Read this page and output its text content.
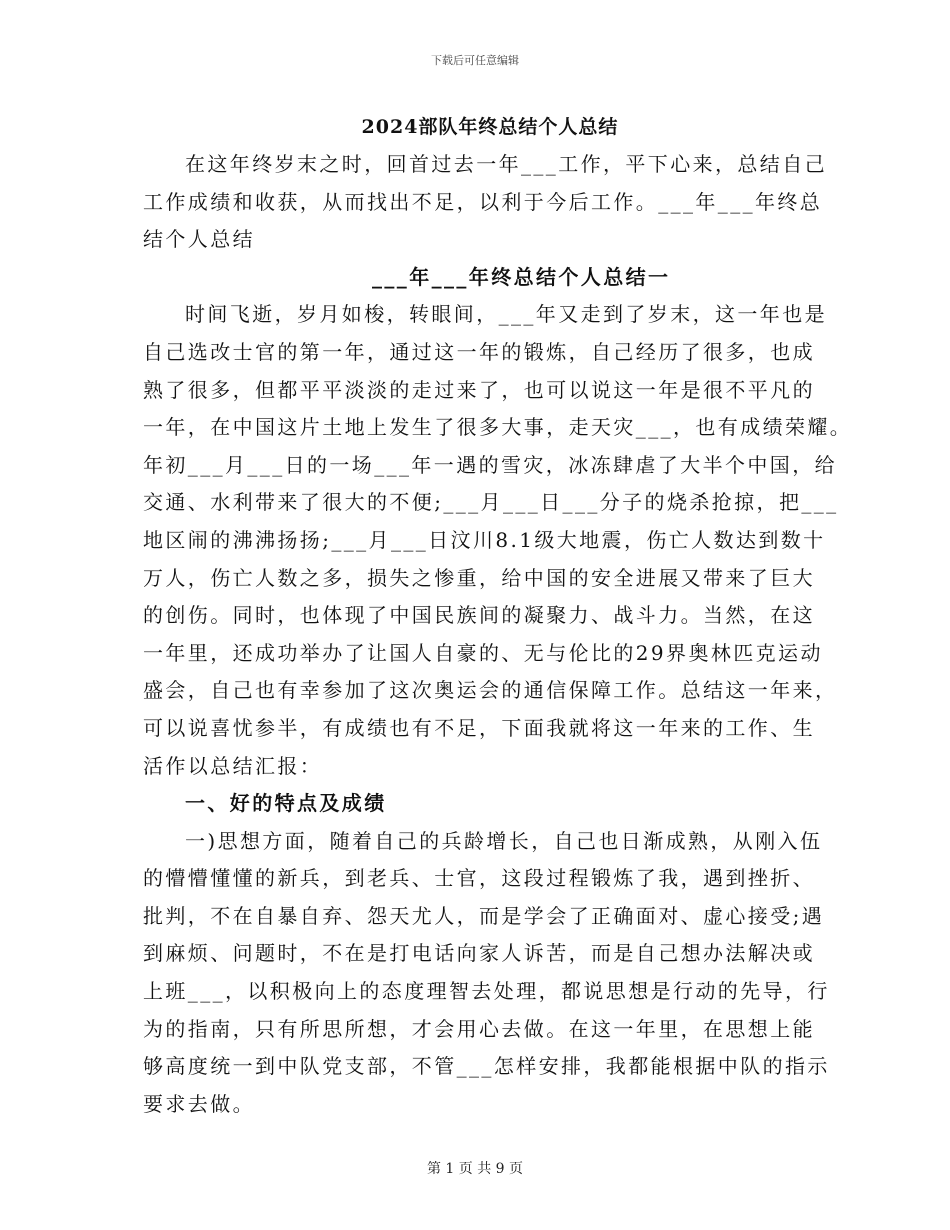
下载后可任意编辑
2024部队年终总结个人总结
在这年终岁末之时，回首过去一年___工作，平下心来，总结自己
工作成绩和收获，从而找出不足，以利于今后工作。___年___年终总
结个人总结
___年___年终总结个人总结一
时间飞逝，岁月如梭，转眼间，___年又走到了岁末，这一年也是
自己选改士官的第一年，通过这一年的锻炼，自己经历了很多，也成
熟了很多，但都平平淡淡的走过来了，也可以说这一年是很不平凡的
一年，在中国这片土地上发生了很多大事，走天灾___，也有成绩荣耀。
年初___月___日的一场___年一遇的雪灾，冰冻肆虐了大半个中国，给
交通、水利带来了很大的不便;___月___日___分子的烧杀抢掠，把___
地区闹的沸沸扬扬;___月___日汶川8.1级大地震，伤亡人数达到数十
万人，伤亡人数之多，损失之惨重，给中国的安全进展又带来了巨大
的创伤。同时，也体现了中国民族间的凝聚力、战斗力。当然，在这
一年里，还成功举办了让国人自豪的、无与伦比的29界奥林匹克运动
盛会，自己也有幸参加了这次奥运会的通信保障工作。总结这一年来，
可以说喜忧参半，有成绩也有不足，下面我就将这一年来的工作、生
活作以总结汇报：
一、好的特点及成绩
一)思想方面，随着自己的兵龄增长，自己也日渐成熟，从刚入伍
的懵懵懂懂的新兵，到老兵、士官，这段过程锻炼了我，遇到挫折、
批判，不在自暴自弃、怨天尤人，而是学会了正确面对、虚心接受;遇
到麻烦、问题时，不在是打电话向家人诉苦，而是自己想办法解决或
上班___，以积极向上的态度理智去处理，都说思想是行动的先导，行
为的指南，只有所思所想，才会用心去做。在这一年里，在思想上能
够高度统一到中队党支部，不管___怎样安排，我都能根据中队的指示
要求去做。
第 1 页 共 9 页
